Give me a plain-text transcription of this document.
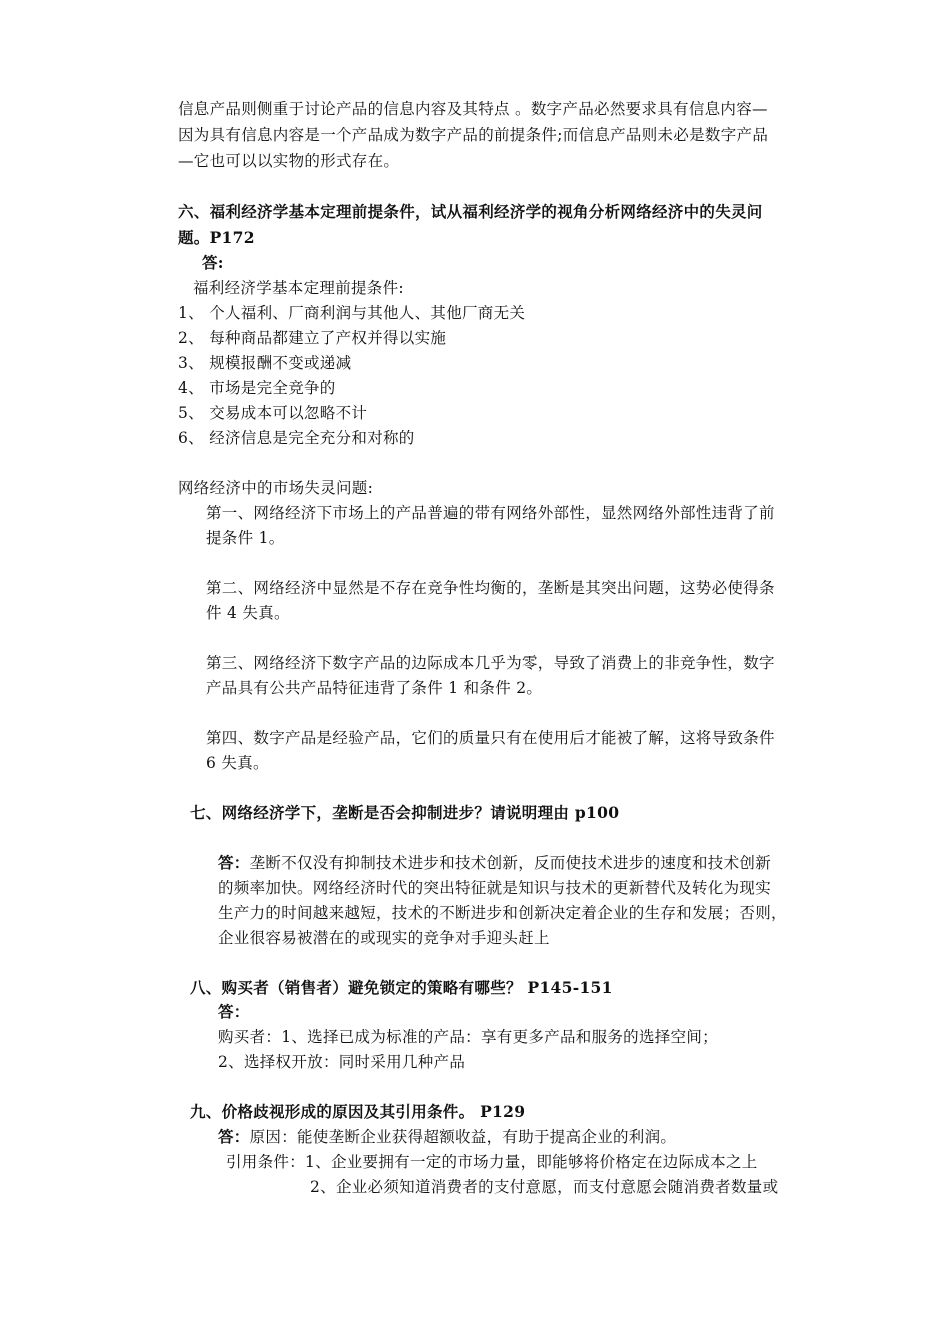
信息产品则侧重于讨论产品的信息内容及其特点 。数字产品必然要求具有信息内容—
因为具有信息内容是一个产品成为数字产品的前提条件;而信息产品则未必是数字产品
—它也可以以实物的形式存在。
六、福利经济学基本定理前提条件，试从福利经济学的视角分析网络经济中的失灵问
题。P172
答:
福利经济学基本定理前提条件:
1、 个人福利、厂商利润与其他人、其他厂商无关
2、 每种商品都建立了产权并得以实施
3、 规模报酬不变或递减
4、 市场是完全竞争的
5、 交易成本可以忽略不计
6、 经济信息是完全充分和对称的
网络经济中的市场失灵问题:
第一、网络经济下市场上的产品普遍的带有网络外部性，显然网络外部性违背了前
提条件 1。
第二、网络经济中显然是不存在竞争性均衡的，垄断是其突出问题，这势必使得条
件 4 失真。
第三、网络经济下数字产品的边际成本几乎为零，导致了消费上的非竞争性，数字
产品具有公共产品特征违背了条件 1 和条件 2。
第四、数字产品是经验产品，它们的质量只有在使用后才能被了解，这将导致条件
6 失真。
七、网络经济学下，垄断是否会抑制进步？请说明理由 p100
答：垄断不仅没有抑制技术进步和技术创新，反而使技术进步的速度和技术创新
的频率加快。网络经济时代的突出特征就是知识与技术的更新替代及转化为现实
生产力的时间越来越短，技术的不断进步和创新决定着企业的生存和发展；否则，
企业很容易被潜在的或现实的竞争对手迎头赶上
八、购买者（销售者）避免锁定的策略有哪些？ P145-151
答：
购买者：1、选择已成为标准的产品：享有更多产品和服务的选择空间；
2、选择权开放：同时采用几种产品
九、价格歧视形成的原因及其引用条件。 P129
答：原因：能使垄断企业获得超额收益，有助于提高企业的利润。
引用条件：1、企业要拥有一定的市场力量，即能够将价格定在边际成本之上
2、企业必须知道消费者的支付意愿，而支付意愿会随消费者数量或
